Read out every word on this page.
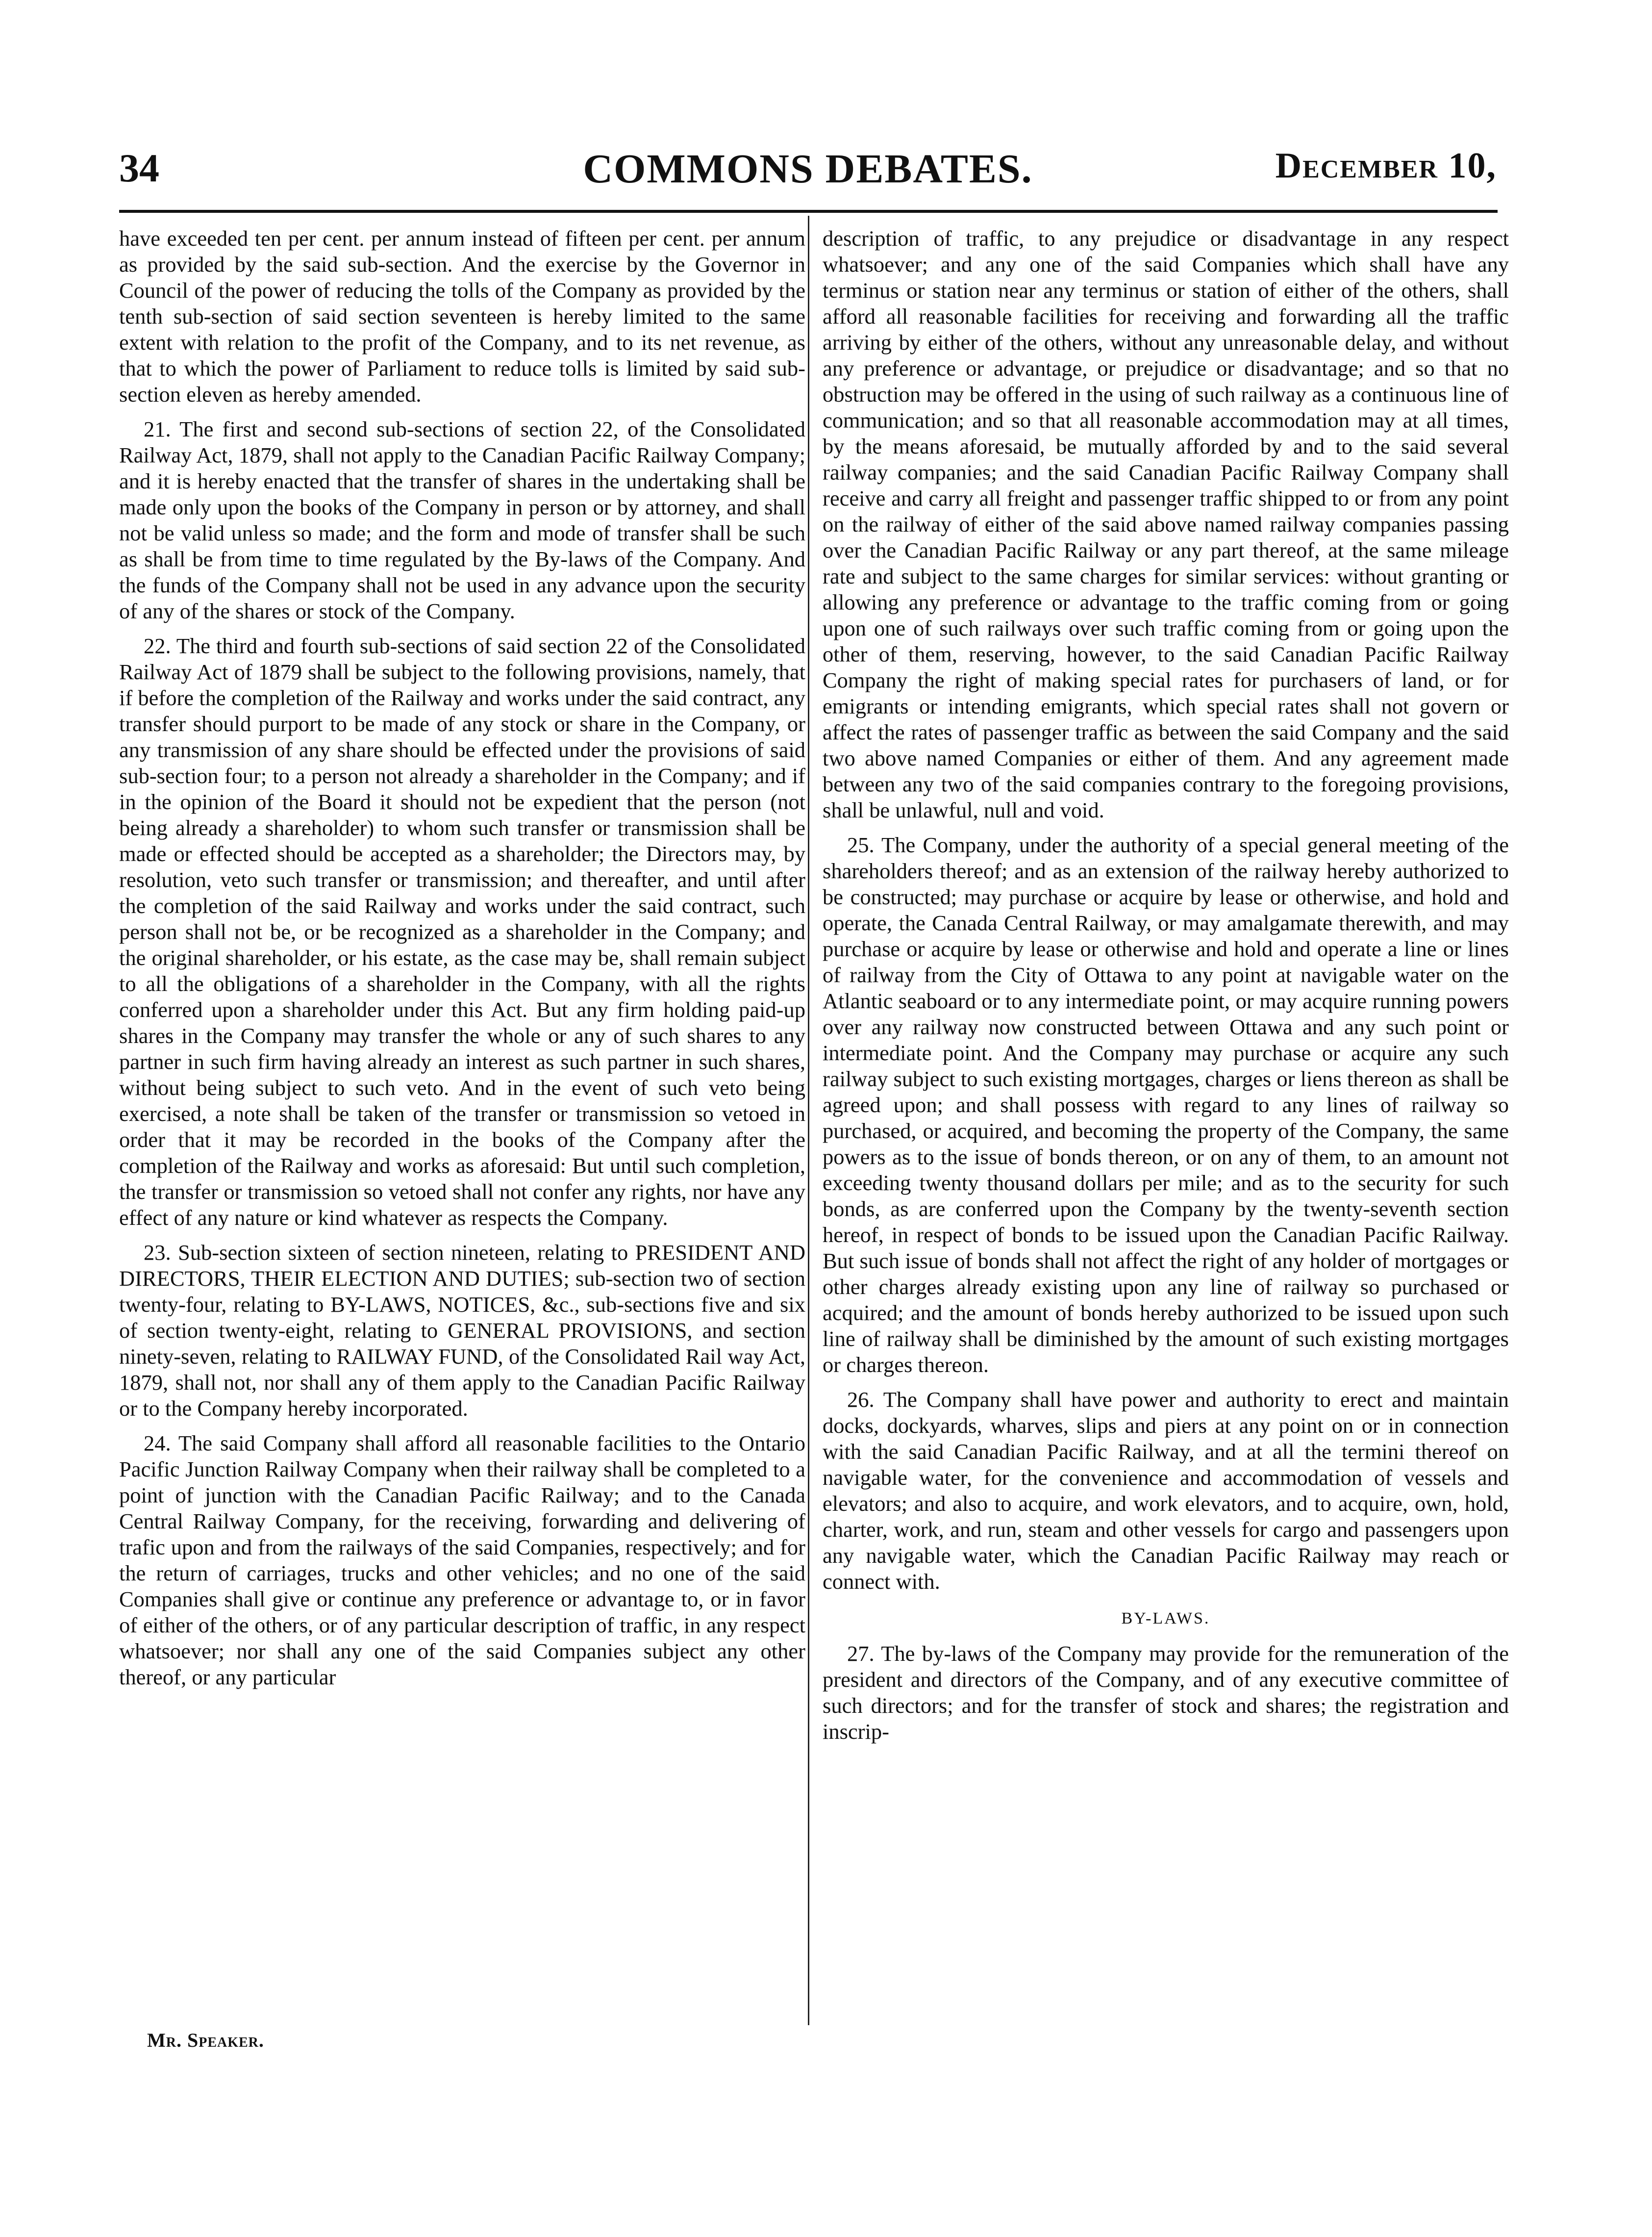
34	COMMONS DEBATES.	December 10,

have exceeded ten per cent. per annum instead of fifteen per cent. per annum as provided by the said sub-section. And the exercise by the Governor in Council of the power of reducing the tolls of the Company as provided by the tenth sub-section of said section seventeen is hereby limited to the same extent with relation to the profit of the Company, and to its net revenue, as that to which the power of Parliament to reduce tolls is limited by said sub-section eleven as hereby amended.

21. The first and second sub-sections of section 22, of the Consolidated Railway Act, 1879, shall not apply to the Canadian Pacific Railway Company; and it is hereby enacted that the transfer of shares in the undertaking shall be made only upon the books of the Company in person or by attorney, and shall not be valid unless so made; and the form and mode of transfer shall be such as shall be from time to time regulated by the By-laws of the Company. And the funds of the Company shall not be used in any advance upon the security of any of the shares or stock of the Company.

22. The third and fourth sub-sections of said section 22 of the Consolidated Railway Act of 1879 shall be subject to the following provisions, namely, that if before the completion of the Railway and works under the said contract, any transfer should purport to be made of any stock or share in the Company, or any transmission of any share should be effected under the provisions of said sub-section four; to a person not already a shareholder in the Company; and if in the opinion of the Board it should not be expedient that the person (not being already a shareholder) to whom such transfer or transmission shall be made or effected should be accepted as a shareholder; the Directors may, by resolution, veto such transfer or transmission; and thereafter, and until after the completion of the said Railway and works under the said contract, such person shall not be, or be recognized as a shareholder in the Company; and the original shareholder, or his estate, as the case may be, shall remain subject to all the obligations of a shareholder in the Company, with all the rights conferred upon a shareholder under this Act. But any firm holding paid-up shares in the Company may transfer the whole or any of such shares to any partner in such firm having already an interest as such partner in such shares, without being subject to such veto. And in the event of such veto being exercised, a note shall be taken of the transfer or transmission so vetoed in order that it may be recorded in the books of the Company after the completion of the Railway and works as aforesaid: But until such completion, the transfer or transmission so vetoed shall not confer any rights, nor have any effect of any nature or kind whatever as respects the Company.

23. Sub-section sixteen of section nineteen, relating to PRESIDENT AND DIRECTORS, THEIR ELECTION AND DUTIES; sub-section two of section twenty-four, relating to BY-LAWS, NOTICES, &c., sub-sections five and six of section twenty-eight, relating to GENERAL PROVISIONS, and section ninety-seven, relating to RAILWAY FUND, of the Consolidated Rail way Act, 1879, shall not, nor shall any of them apply to the Canadian Pacific Railway or to the Company hereby incorporated.

24. The said Company shall afford all reasonable facilities to the Ontario Pacific Junction Railway Company when their railway shall be completed to a point of junction with the Canadian Pacific Railway; and to the Canada Central Railway Company, for the receiving, forwarding and delivering of trafic upon and from the railways of the said Companies, respectively; and for the return of carriages, trucks and other vehicles; and no one of the said Companies shall give or continue any preference or advantage to, or in favor of either of the others, or of any particular description of traffic, in any respect whatsoever; nor shall any one of the said Companies subject any other thereof, or any particular

description of traffic, to any prejudice or disadvantage in any respect whatsoever; and any one of the said Companies which shall have any terminus or station near any terminus or station of either of the others, shall afford all reasonable facilities for receiving and forwarding all the traffic arriving by either of the others, without any unreasonable delay, and without any preference or advantage, or prejudice or disadvantage; and so that no obstruction may be offered in the using of such railway as a continuous line of communication; and so that all reasonable accommodation may at all times, by the means aforesaid, be mutually afforded by and to the said several railway companies; and the said Canadian Pacific Railway Company shall receive and carry all freight and passenger traffic shipped to or from any point on the railway of either of the said above named railway companies passing over the Canadian Pacific Railway or any part thereof, at the same mileage rate and subject to the same charges for similar services: without granting or allowing any preference or advantage to the traffic coming from or going upon one of such railways over such traffic coming from or going upon the other of them, reserving, however, to the said Canadian Pacific Railway Company the right of making special rates for purchasers of land, or for emigrants or intending emigrants, which special rates shall not govern or affect the rates of passenger traffic as between the said Company and the said two above named Companies or either of them. And any agreement made between any two of the said companies contrary to the foregoing provisions, shall be unlawful, null and void.

25. The Company, under the authority of a special general meeting of the shareholders thereof; and as an extension of the railway hereby authorized to be constructed; may purchase or acquire by lease or otherwise, and hold and operate, the Canada Central Railway, or may amalgamate therewith, and may purchase or acquire by lease or otherwise and hold and operate a line or lines of railway from the City of Ottawa to any point at navigable water on the Atlantic seaboard or to any intermediate point, or may acquire running powers over any railway now constructed between Ottawa and any such point or intermediate point. And the Company may purchase or acquire any such railway subject to such existing mortgages, charges or liens thereon as shall be agreed upon; and shall possess with regard to any lines of railway so purchased, or acquired, and becoming the property of the Company, the same powers as to the issue of bonds thereon, or on any of them, to an amount not exceeding twenty thousand dollars per mile; and as to the security for such bonds, as are conferred upon the Company by the twenty-seventh section hereof, in respect of bonds to be issued upon the Canadian Pacific Railway. But such issue of bonds shall not affect the right of any holder of mortgages or other charges already existing upon any line of railway so purchased or acquired; and the amount of bonds hereby authorized to be issued upon such line of railway shall be diminished by the amount of such existing mortgages or charges thereon.

26. The Company shall have power and authority to erect and maintain docks, dockyards, wharves, slips and piers at any point on or in connection with the said Canadian Pacific Railway, and at all the termini thereof on navigable water, for the convenience and accommodation of vessels and elevators; and also to acquire, and work elevators, and to acquire, own, hold, charter, work, and run, steam and other vessels for cargo and passengers upon any navigable water, which the Canadian Pacific Railway may reach or connect with.

BY-LAWS.

27. The by-laws of the Company may provide for the remuneration of the president and directors of the Company, and of any executive committee of such directors; and for the transfer of stock and shares; the registration and inscrip-

Mr. Speaker.
